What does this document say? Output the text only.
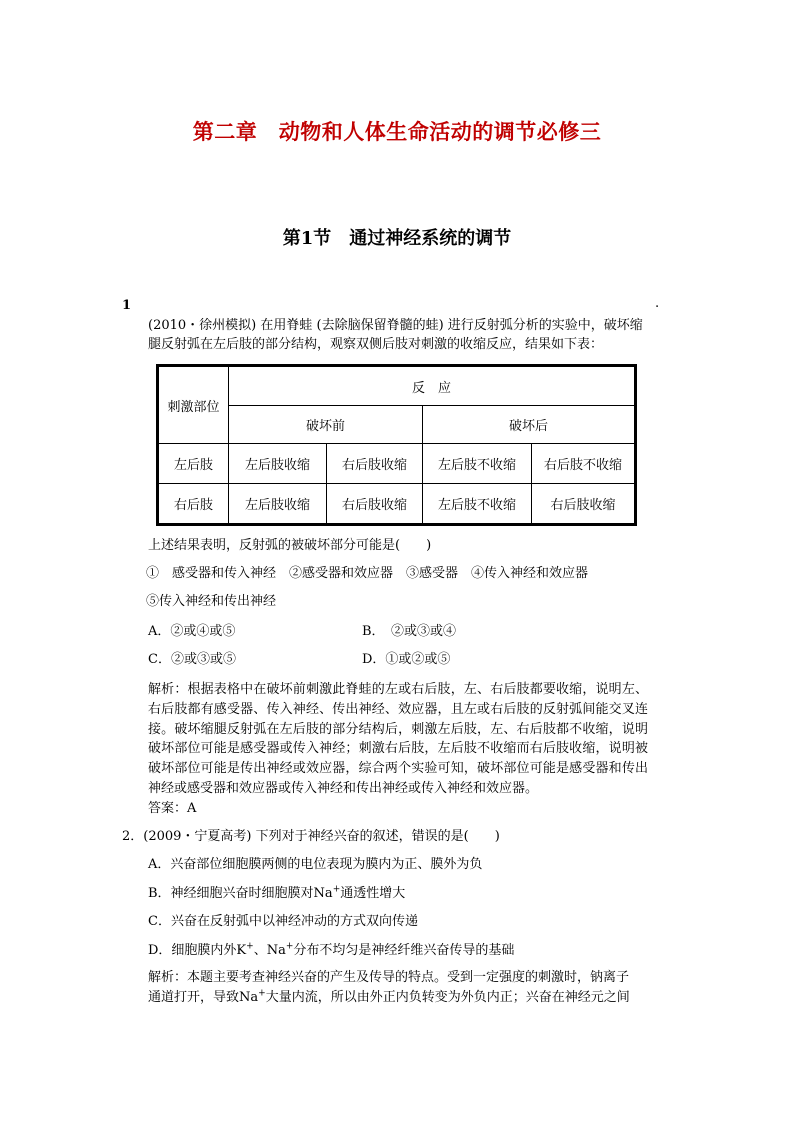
第二章　动物和人体生命活动的调节必修三
第1节　通过神经系统的调节
1	.
(2010・徐州模拟) 在用脊蛙 (去除脑保留脊髓的蛙) 进行反射弧分析的实验中，破坏缩
腿反射弧在左后肢的部分结构，观察双侧后肢对刺激的收缩反应，结果如下表：
刺激部位	反　应			
	破坏前		破坏后	
左后肢	左后肢收缩	右后肢收缩	左后肢不收缩	右后肢不收缩
右后肢	左后肢收缩	右后肢收缩	左后肢不收缩	右后肢收缩
上述结果表明，反射弧的被破坏部分可能是(　　)
①　感受器和传入神经　②感受器和效应器　③感受器　④传入神经和效应器
⑤传入神经和传出神经
A．②或④或⑤	B．　②或③或④
C．②或③或⑤	D．①或②或⑤
解析：根据表格中在破坏前刺激此脊蛙的左或右后肢，左、右后肢都要收缩，说明左、右后肢都有感受器、传入神经、传出神经、效应器，且左或右后肢的反射弧间能交叉连接。破坏缩腿反射弧在左后肢的部分结构后，刺激左后肢，左、右后肢都不收缩，说明破坏部位可能是感受器或传入神经；刺激右后肢，左后肢不收缩而右后肢收缩，说明被破坏部位可能是传出神经或效应器，综合两个实验可知，破坏部位可能是感受器和传出神经或感受器和效应器或传入神经和传出神经或传入神经和效应器。
答案：A
2．(2009・宁夏高考) 下列对于神经兴奋的叙述，错误的是(　　)
A．兴奋部位细胞膜两侧的电位表现为膜内为正、膜外为负
B．神经细胞兴奋时细胞膜对Na+通透性增大
C．兴奋在反射弧中以神经冲动的方式双向传递
D．细胞膜内外K+、Na+分布不均匀是神经纤维兴奋传导的基础
解析：本题主要考查神经兴奋的产生及传导的特点。受到一定强度的刺激时，钠离子
通道打开，导致Na+大量内流，所以由外正内负转变为外负内正；兴奋在神经元之间
